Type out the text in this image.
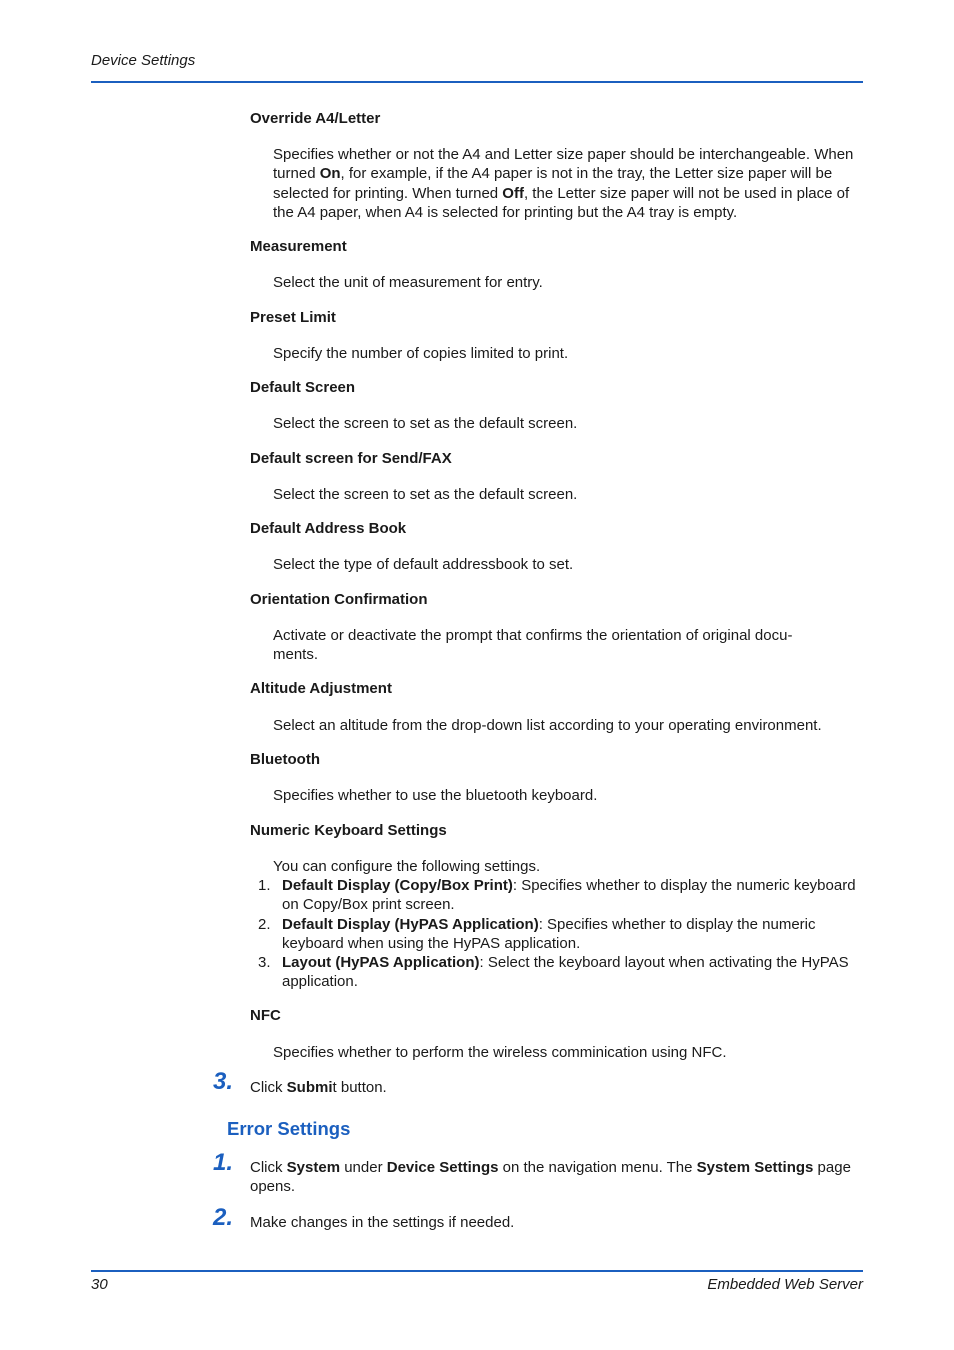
Device Settings
Override A4/Letter
Specifies whether or not the A4 and Letter size paper should be interchangeable. When turned On, for example, if the A4 paper is not in the tray, the Letter size paper will be selected for printing. When turned Off, the Letter size paper will not be used in place of the A4 paper, when A4 is selected for printing but the A4 tray is empty.
Measurement
Select the unit of measurement for entry.
Preset Limit
Specify the number of copies limited to print.
Default Screen
Select the screen to set as the default screen.
Default screen for Send/FAX
Select the screen to set as the default screen.
Default Address Book
Select the type of default addressbook to set.
Orientation Confirmation
Activate or deactivate the prompt that confirms the orientation of original docu-ments.
Altitude Adjustment
Select an altitude from the drop-down list according to your operating environment.
Bluetooth
Specifies whether to use the bluetooth keyboard.
Numeric Keyboard Settings
You can configure the following settings.
1. Default Display (Copy/Box Print): Specifies whether to display the numeric keyboard on Copy/Box print screen.
2. Default Display (HyPAS Application): Specifies whether to display the numeric keyboard when using the HyPAS application.
3. Layout (HyPAS Application): Select the keyboard layout when activating the HyPAS application.
NFC
Specifies whether to perform the wireless comminication using NFC.
3. Click Submit button.
Error Settings
1. Click System under Device Settings on the navigation menu. The System Settings page opens.
2. Make changes in the settings if needed.
30	Embedded Web Server
